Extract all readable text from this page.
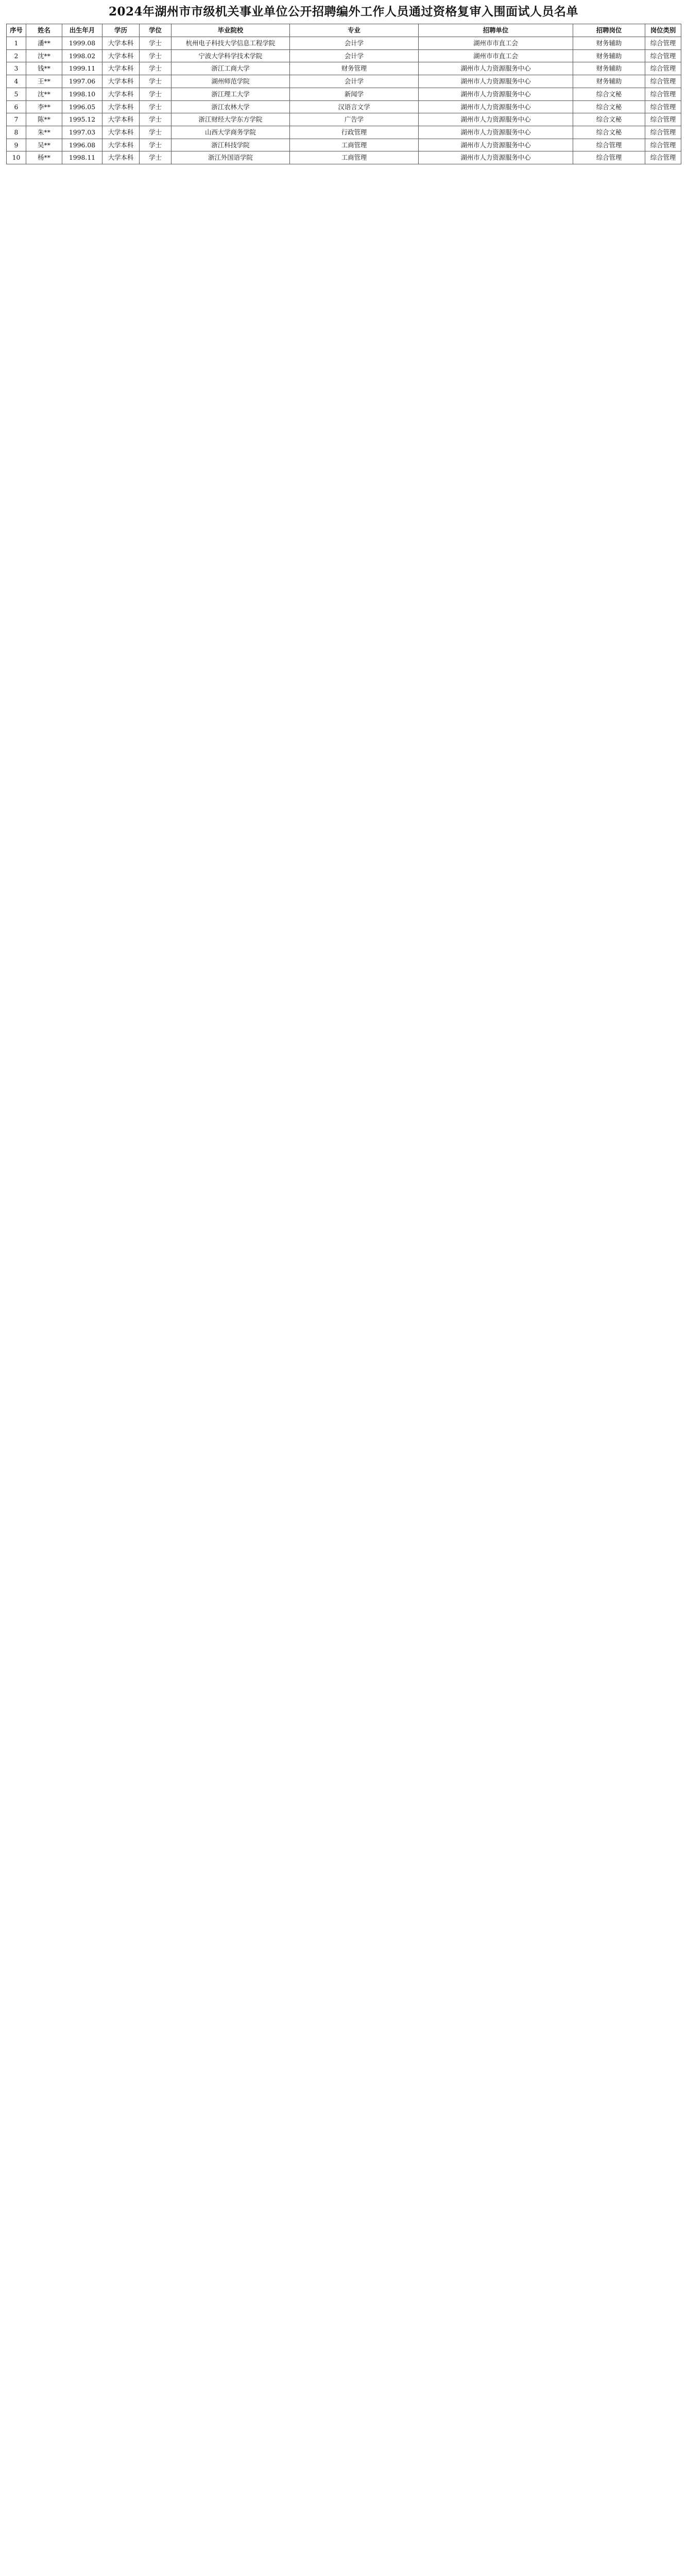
2024年湖州市市级机关事业单位公开招聘编外工作人员通过资格复审入围面试人员名单
序号	姓名	出生年月	学历	学位	毕业院校	专业	招聘单位	招聘岗位	岗位类别
1	潘**	1999.08	大学本科	学士	杭州电子科技大学信息工程学院	会计学	湖州市市直工会	财务辅助	综合管理
2	沈**	1998.02	大学本科	学士	宁波大学科学技术学院	会计学	湖州市市直工会	财务辅助	综合管理
3	钱**	1999.11	大学本科	学士	浙江工商大学	财务管理	湖州市人力资源服务中心	财务辅助	综合管理
4	王**	1997.06	大学本科	学士	湖州师范学院	会计学	湖州市人力资源服务中心	财务辅助	综合管理
5	沈**	1998.10	大学本科	学士	浙江理工大学	新闻学	湖州市人力资源服务中心	综合文秘	综合管理
6	李**	1996.05	大学本科	学士	浙江农林大学	汉语言文学	湖州市人力资源服务中心	综合文秘	综合管理
7	陈**	1995.12	大学本科	学士	浙江财经大学东方学院	广告学	湖州市人力资源服务中心	综合文秘	综合管理
8	朱**	1997.03	大学本科	学士	山西大学商务学院	行政管理	湖州市人力资源服务中心	综合文秘	综合管理
9	吴**	1996.08	大学本科	学士	浙江科技学院	工商管理	湖州市人力资源服务中心	综合管理	综合管理
10	杨**	1998.11	大学本科	学士	浙江外国语学院	工商管理	湖州市人力资源服务中心	综合管理	综合管理
